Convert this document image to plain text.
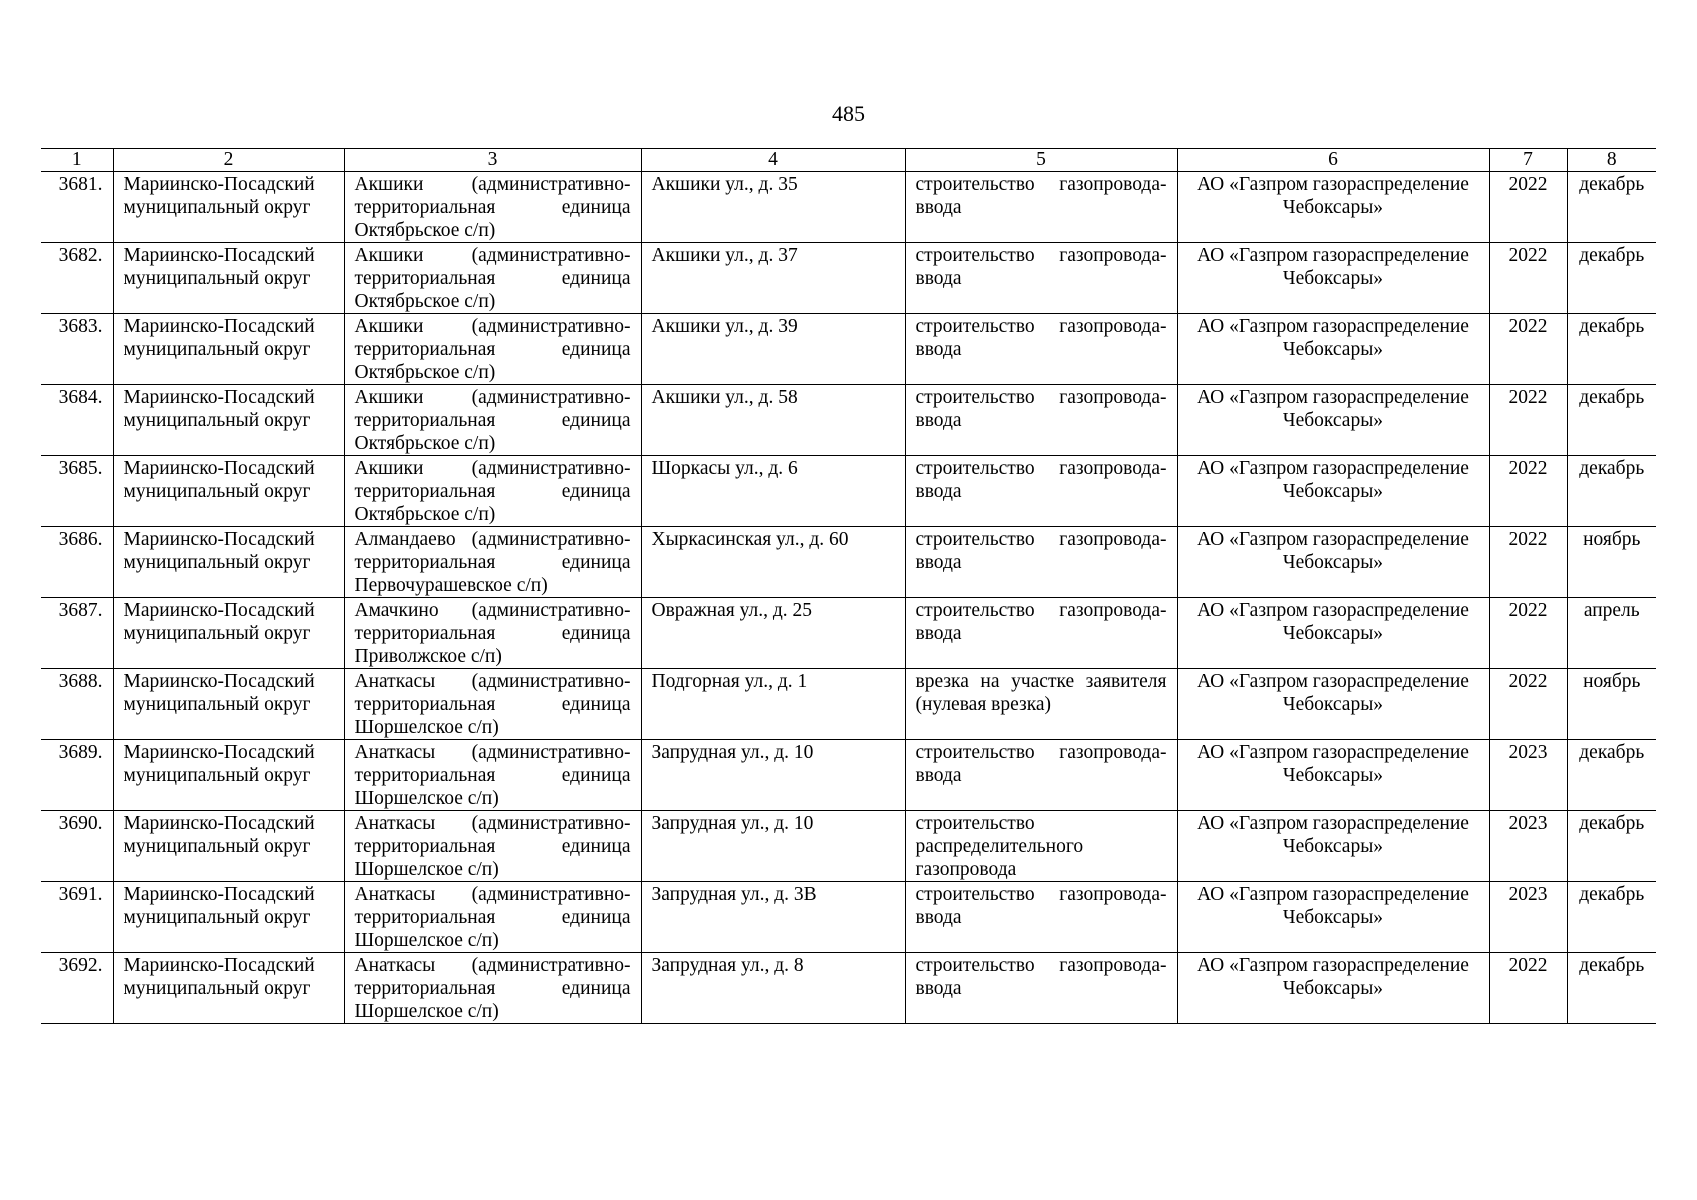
485
1	2	3	4	5	6	7	8
3681.	Мариинско-Посадский муниципальный округ	Акшики (административно-территориальная единица Октябрьское с/п)	Акшики ул., д. 35	строительство газопровода-ввода	АО «Газпром газораспределение Чебоксары»	2022	декабрь
3682.	Мариинско-Посадский муниципальный округ	Акшики (административно-территориальная единица Октябрьское с/п)	Акшики ул., д. 37	строительство газопровода-ввода	АО «Газпром газораспределение Чебоксары»	2022	декабрь
3683.	Мариинско-Посадский муниципальный округ	Акшики (административно-территориальная единица Октябрьское с/п)	Акшики ул., д. 39	строительство газопровода-ввода	АО «Газпром газораспределение Чебоксары»	2022	декабрь
3684.	Мариинско-Посадский муниципальный округ	Акшики (административно-территориальная единица Октябрьское с/п)	Акшики ул., д. 58	строительство газопровода-ввода	АО «Газпром газораспределение Чебоксары»	2022	декабрь
3685.	Мариинско-Посадский муниципальный округ	Акшики (административно-территориальная единица Октябрьское с/п)	Шоркасы ул., д. 6	строительство газопровода-ввода	АО «Газпром газораспределение Чебоксары»	2022	декабрь
3686.	Мариинско-Посадский муниципальный округ	Алмандаево (административно-территориальная единица Первочурашевское с/п)	Хыркасинская ул., д. 60	строительство газопровода-ввода	АО «Газпром газораспределение Чебоксары»	2022	ноябрь
3687.	Мариинско-Посадский муниципальный округ	Амачкино (административно-территориальная единица Приволжское с/п)	Овражная ул., д. 25	строительство газопровода-ввода	АО «Газпром газораспределение Чебоксары»	2022	апрель
3688.	Мариинско-Посадский муниципальный округ	Анаткасы (административно-территориальная единица Шоршелское с/п)	Подгорная ул., д. 1	врезка на участке заявителя (нулевая врезка)	АО «Газпром газораспределение Чебоксары»	2022	ноябрь
3689.	Мариинско-Посадский муниципальный округ	Анаткасы (административно-территориальная единица Шоршелское с/п)	Запрудная ул., д. 10	строительство газопровода-ввода	АО «Газпром газораспределение Чебоксары»	2023	декабрь
3690.	Мариинско-Посадский муниципальный округ	Анаткасы (административно-территориальная единица Шоршелское с/п)	Запрудная ул., д. 10	строительство распределительного газопровода	АО «Газпром газораспределение Чебоксары»	2023	декабрь
3691.	Мариинско-Посадский муниципальный округ	Анаткасы (административно-территориальная единица Шоршелское с/п)	Запрудная ул., д. 3В	строительство газопровода-ввода	АО «Газпром газораспределение Чебоксары»	2023	декабрь
3692.	Мариинско-Посадский муниципальный округ	Анаткасы (административно-территориальная единица Шоршелское с/п)	Запрудная ул., д. 8	строительство газопровода-ввода	АО «Газпром газораспределение Чебоксары»	2022	декабрь
